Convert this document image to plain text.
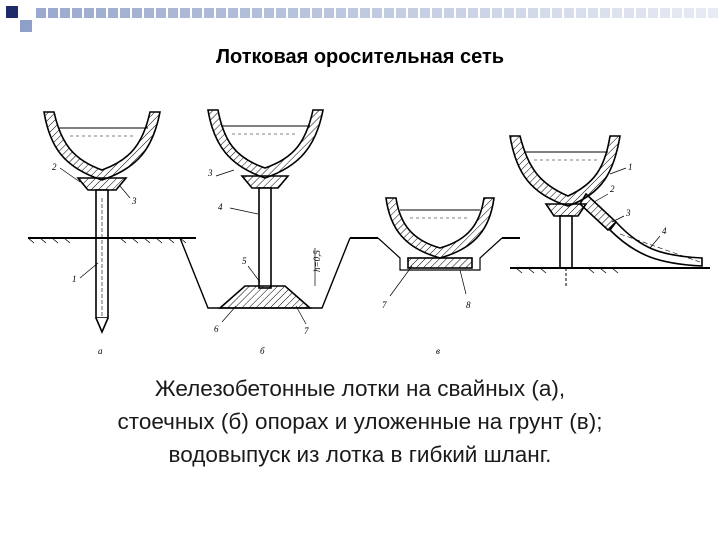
Лотковая оросительная сеть
2
3
1
а
3
4
5
6	7
h=0,5
б
7	8
в
1
2
3
4
Железобетонные лотки на свайных (а),
стоечных (б) опорах и уложенные на грунт (в);
водовыпуск из лотка в гибкий шланг.
